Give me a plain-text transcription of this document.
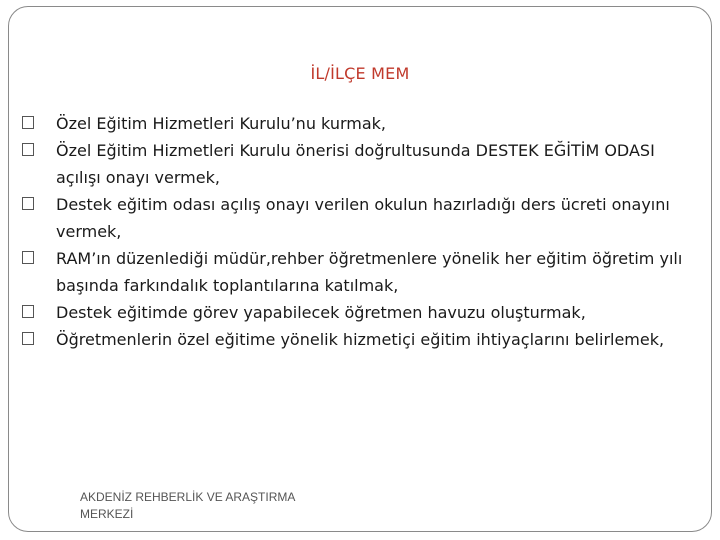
İL/İLÇE MEM
Özel Eğitim Hizmetleri Kurulu’nu kurmak,
Özel Eğitim Hizmetleri Kurulu önerisi doğrultusunda DESTEK EĞİTİM ODASI açılışı onayı vermek,
Destek eğitim odası açılış onayı verilen okulun hazırladığı ders ücreti onayını vermek,
RAM’ın düzenlediği müdür,rehber öğretmenlere yönelik her eğitim öğretim yılı başında farkındalık toplantılarına katılmak,
Destek eğitimde görev yapabilecek öğretmen havuzu oluşturmak,
Öğretmenlerin özel eğitime yönelik hizmetiçi eğitim ihtiyaçlarını belirlemek,
AKDENİZ REHBERLİK VE ARAŞTIRMA
MERKEZİ
